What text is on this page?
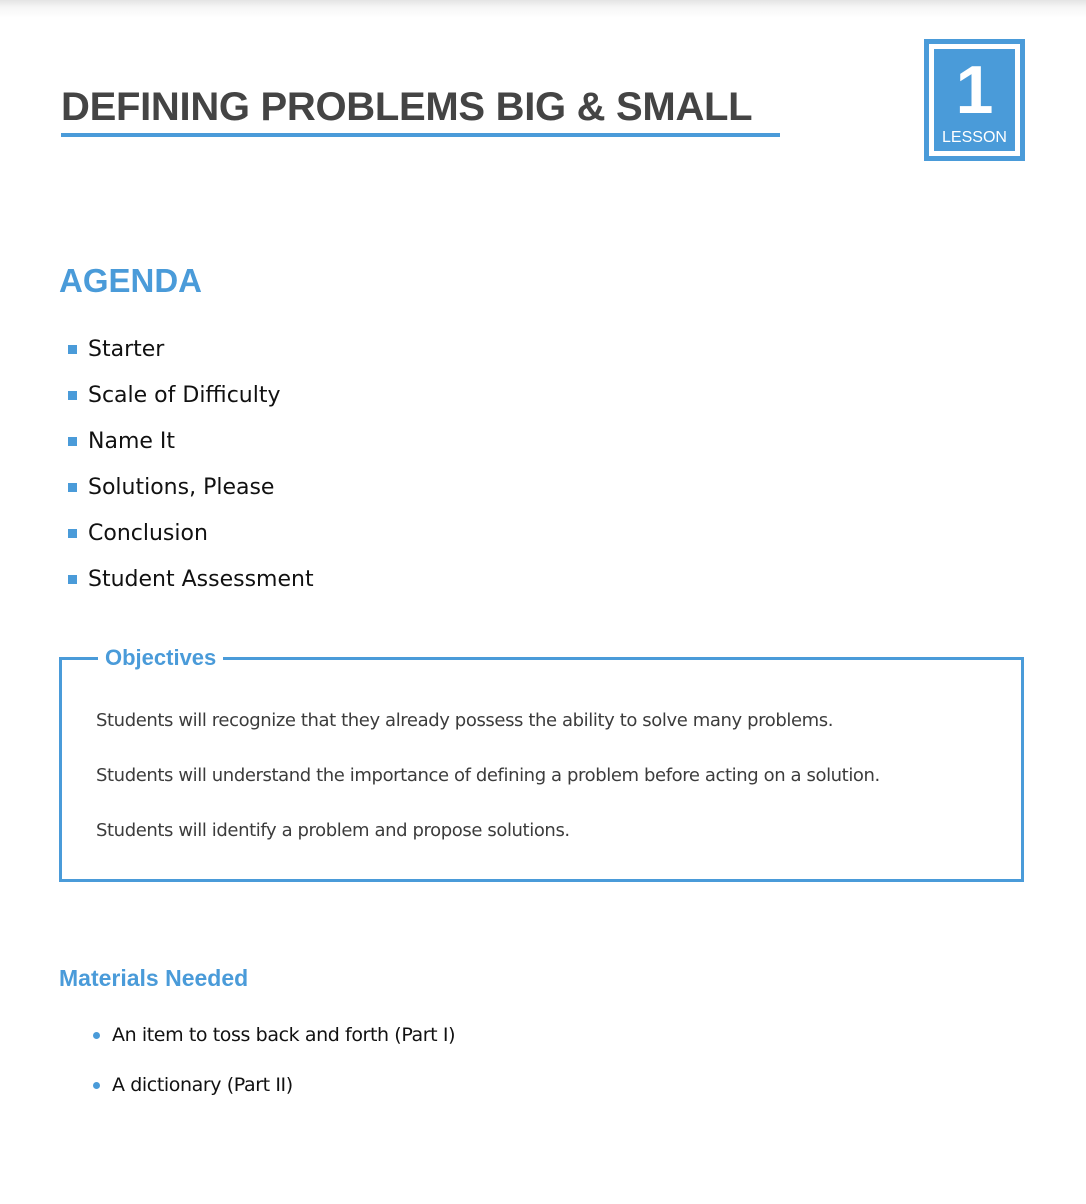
DEFINING PROBLEMS BIG & SMALL	1
LESSON
AGENDA
Starter
Scale of Difficulty
Name It
Solutions, Please
Conclusion
Student Assessment
Objectives
Students will recognize that they already possess the ability to solve many problems.
Students will understand the importance of defining a problem before acting on a solution.
Students will identify a problem and propose solutions.
Materials Needed
An item to toss back and forth (Part I)
A dictionary (Part II)
